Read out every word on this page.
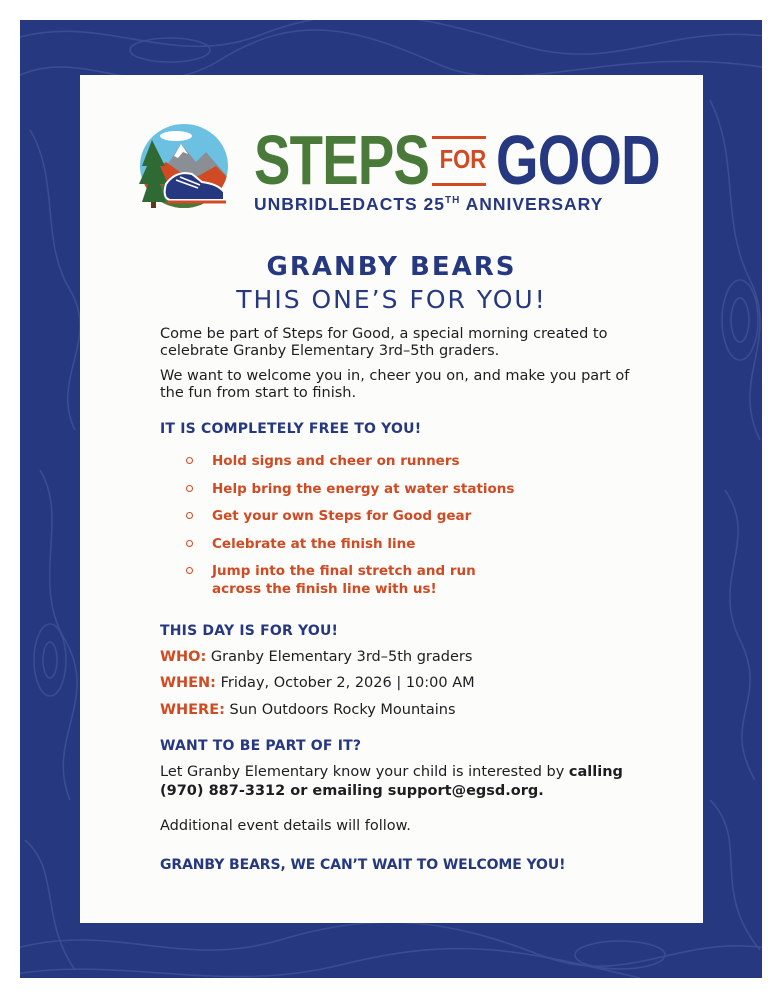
STEPS FOR GOOD
UNBRIDLEDACTS 25TH ANNIVERSARY
GRANBY BEARS
THIS ONE’S FOR YOU!
Come be part of Steps for Good, a special morning created to celebrate Granby Elementary 3rd–5th graders.
We want to welcome you in, cheer you on, and make you part of the fun from start to finish.
IT IS COMPLETELY FREE TO YOU!
Hold signs and cheer on runners
Help bring the energy at water stations
Get your own Steps for Good gear
Celebrate at the finish line
Jump into the final stretch and run
across the finish line with us!
THIS DAY IS FOR YOU!
WHO: Granby Elementary 3rd–5th graders
WHEN: Friday, October 2, 2026 | 10:00 AM
WHERE: Sun Outdoors Rocky Mountains
WANT TO BE PART OF IT?
Let Granby Elementary know your child is interested by calling (970) 887-3312 or emailing support@egsd.org.
Additional event details will follow.
GRANBY BEARS, WE CAN’T WAIT TO WELCOME YOU!
